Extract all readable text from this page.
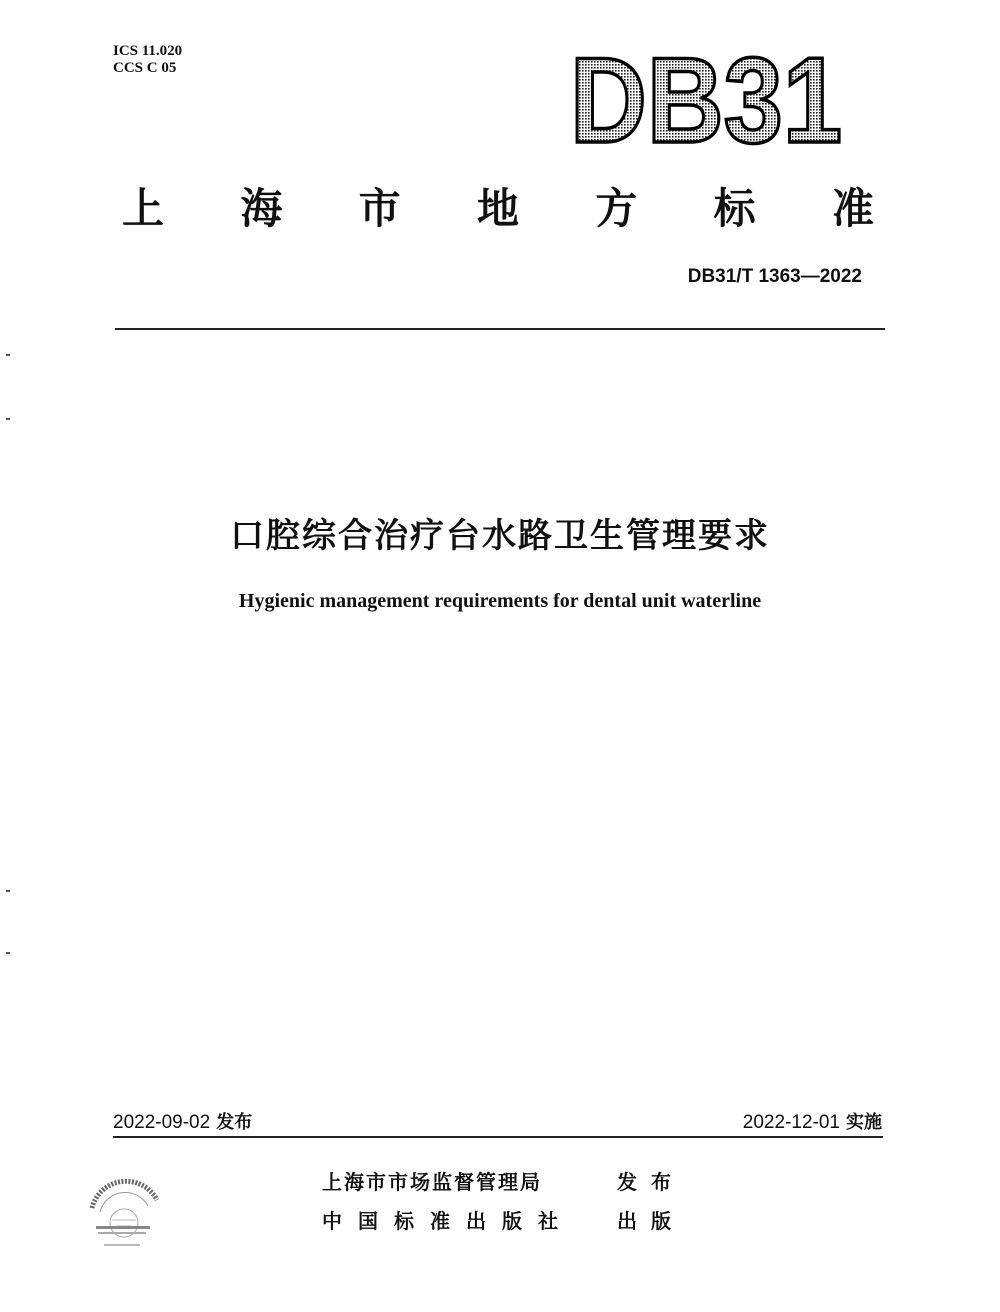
ICS 11.020
CCS C 05	DB31
上 海 市 地 方 标 准
DB31/T 1363—2022
口腔综合治疗台水路卫生管理要求
Hygienic management requirements for dental unit waterline
2022-09-02 发布	2022-12-01 实施
上海市市场监督管理局	发布
中国标准出版社 出版
